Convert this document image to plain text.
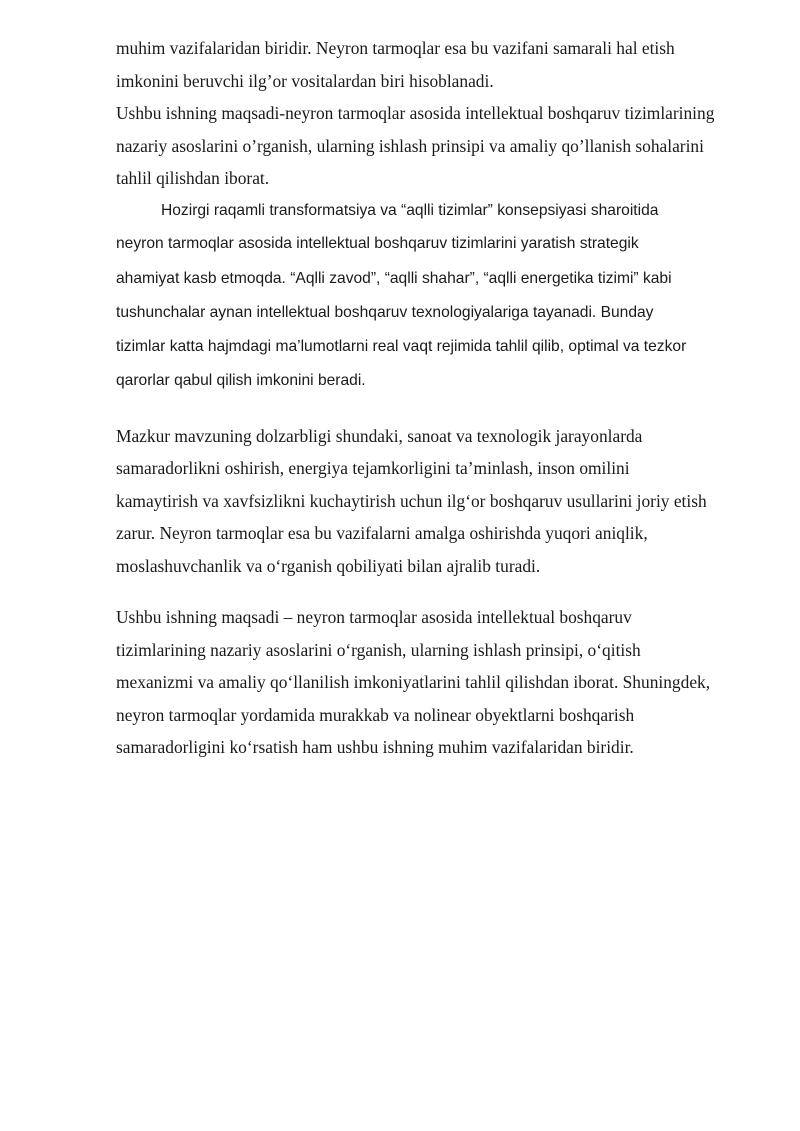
muhim vazifalaridan biridir. Neyron tarmoqlar esa bu vazifani samarali hal etish

imkonini beruvchi ilg’or vositalardan biri hisoblanadi.

Ushbu ishning maqsadi-neyron tarmoqlar asosida intellektual boshqaruv tizimlarining

nazariy asoslarini o’rganish, ularning ishlash prinsipi va amaliy qo’llanish sohalarini

tahlil qilishdan iborat.

Hozirgi raqamli transformatsiya va “aqlli tizimlar” konsepsiyasi sharoitida

neyron tarmoqlar asosida intellektual boshqaruv tizimlarini yaratish strategik

ahamiyat kasb etmoqda. “Aqlli zavod”, “aqlli shahar”, “aqlli energetika tizimi” kabi

tushunchalar aynan intellektual boshqaruv texnologiyalariga tayanadi. Bunday

tizimlar katta hajmdagi ma’lumotlarni real vaqt rejimida tahlil qilib, optimal va tezkor

qarorlar qabul qilish imkonini beradi.

Mazkur mavzuning dolzarbligi shundaki, sanoat va texnologik jarayonlarda

samaradorlikni oshirish, energiya tejamkorligini ta’minlash, inson omilini

kamaytirish va xavfsizlikni kuchaytirish uchun ilg‘or boshqaruv usullarini joriy etish

zarur. Neyron tarmoqlar esa bu vazifalarni amalga oshirishda yuqori aniqlik,

moslashuvchanlik va o‘rganish qobiliyati bilan ajralib turadi.

Ushbu ishning maqsadi – neyron tarmoqlar asosida intellektual boshqaruv

tizimlarining nazariy asoslarini o‘rganish, ularning ishlash prinsipi, o‘qitish

mexanizmi va amaliy qo‘llanilish imkoniyatlarini tahlil qilishdan iborat. Shuningdek,

neyron tarmoqlar yordamida murakkab va nolinear obyektlarni boshqarish

samaradorligini ko‘rsatish ham ushbu ishning muhim vazifalaridan biridir.
